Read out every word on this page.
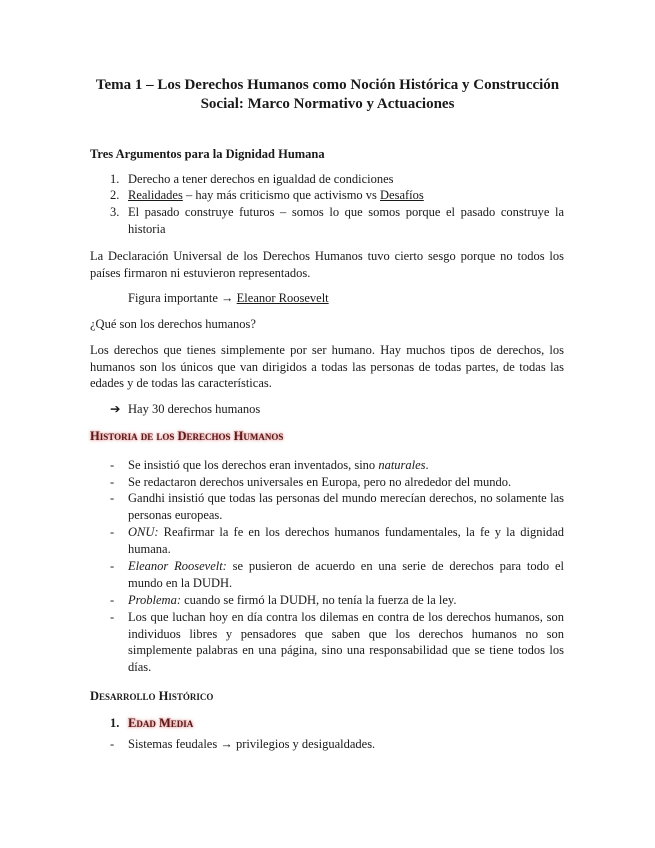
Tema 1 – Los Derechos Humanos como Noción Histórica y Construcción
Social: Marco Normativo y Actuaciones

Tres Argumentos para la Dignidad Humana

1. Derecho a tener derechos en igualdad de condiciones
2. Realidades – hay más criticismo que activismo vs Desafíos
3. El pasado construye futuros – somos lo que somos porque el pasado construye la historia

La Declaración Universal de los Derechos Humanos tuvo cierto sesgo porque no todos los países firmaron ni estuvieron representados.

Figura importante → Eleanor Roosevelt

¿Qué son los derechos humanos?

Los derechos que tienes simplemente por ser humano. Hay muchos tipos de derechos, los humanos son los únicos que van dirigidos a todas las personas de todas partes, de todas las edades y de todas las características.

➔ Hay 30 derechos humanos

Historia de los Derechos Humanos

-	Se insistió que los derechos eran inventados, sino naturales.
-	Se redactaron derechos universales en Europa, pero no alrededor del mundo.
-	Gandhi insistió que todas las personas del mundo merecían derechos, no solamente las personas europeas.
-	ONU: Reafirmar la fe en los derechos humanos fundamentales, la fe y la dignidad humana.
-	Eleanor Roosevelt: se pusieron de acuerdo en una serie de derechos para todo el mundo en la DUDH.
-	Problema: cuando se firmó la DUDH, no tenía la fuerza de la ley.
-	Los que luchan hoy en día contra los dilemas en contra de los derechos humanos, son individuos libres y pensadores que saben que los derechos humanos no son simplemente palabras en una página, sino una responsabilidad que se tiene todos los días.

Desarrollo Histórico

1. Edad Media
-	Sistemas feudales → privilegios y desigualdades.
